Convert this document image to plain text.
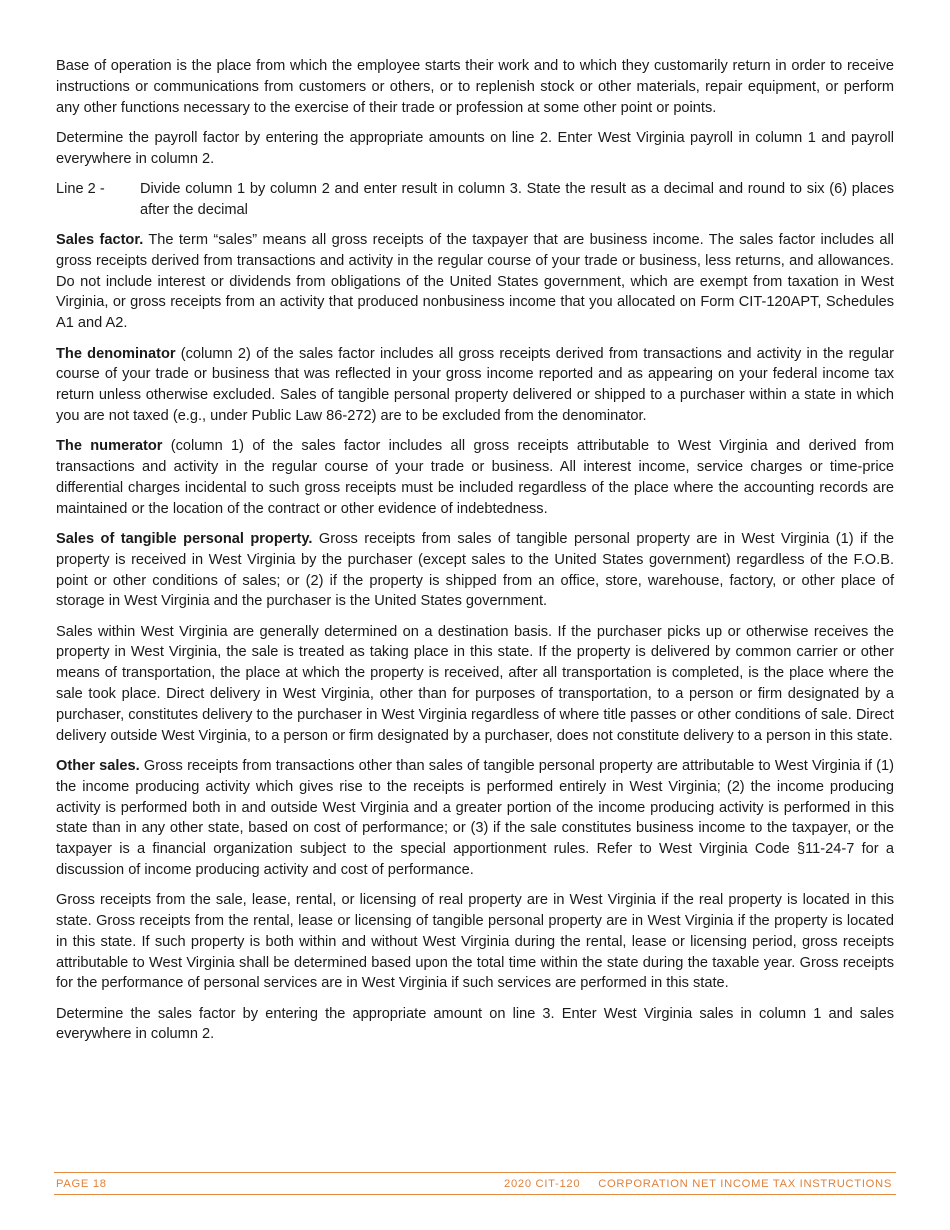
Base of operation is the place from which the employee starts their work and to which they customarily return in order to receive instructions or communications from customers or others, or to replenish stock or other materials, repair equipment, or perform any other functions necessary to the exercise of their trade or profession at some other point or points.

Determine the payroll factor by entering the appropriate amounts on line 2. Enter West Virginia payroll in column 1 and payroll everywhere in column 2.

Line 2 -	Divide column 1 by column 2 and enter result in column 3. State the result as a decimal and round to six (6) places after the decimal

Sales factor. The term “sales” means all gross receipts of the taxpayer that are business income. The sales factor includes all gross receipts derived from transactions and activity in the regular course of your trade or business, less returns, and allowances. Do not include interest or dividends from obligations of the United States government, which are exempt from taxation in West Virginia, or gross receipts from an activity that produced nonbusiness income that you allocated on Form CIT-120APT, Schedules A1 and A2.

The denominator (column 2) of the sales factor includes all gross receipts derived from transactions and activity in the regular course of your trade or business that was reflected in your gross income reported and as appearing on your federal income tax return unless otherwise excluded. Sales of tangible personal property delivered or shipped to a purchaser within a state in which you are not taxed (e.g., under Public Law 86-272) are to be excluded from the denominator.

The numerator (column 1) of the sales factor includes all gross receipts attributable to West Virginia and derived from transactions and activity in the regular course of your trade or business. All interest income, service charges or time-price differential charges incidental to such gross receipts must be included regardless of the place where the accounting records are maintained or the location of the contract or other evidence of indebtedness.

Sales of tangible personal property. Gross receipts from sales of tangible personal property are in West Virginia (1) if the property is received in West Virginia by the purchaser (except sales to the United States government) regardless of the F.O.B. point or other conditions of sales; or (2) if the property is shipped from an office, store, warehouse, factory, or other place of storage in West Virginia and the purchaser is the United States government.

Sales within West Virginia are generally determined on a destination basis. If the purchaser picks up or otherwise receives the property in West Virginia, the sale is treated as taking place in this state. If the property is delivered by common carrier or other means of transportation, the place at which the property is received, after all transportation is completed, is the place where the sale took place. Direct delivery in West Virginia, other than for purposes of transportation, to a person or firm designated by a purchaser, constitutes delivery to the purchaser in West Virginia regardless of where title passes or other conditions of sale. Direct delivery outside West Virginia, to a person or firm designated by a purchaser, does not constitute delivery to a person in this state.

Other sales. Gross receipts from transactions other than sales of tangible personal property are attributable to West Virginia if (1) the income producing activity which gives rise to the receipts is performed entirely in West Virginia; (2) the income producing activity is performed both in and outside West Virginia and a greater portion of the income producing activity is performed in this state than in any other state, based on cost of performance; or (3) if the sale constitutes business income to the taxpayer, or the taxpayer is a financial organization subject to the special apportionment rules. Refer to West Virginia Code §11-24-7 for a discussion of income producing activity and cost of performance.

Gross receipts from the sale, lease, rental, or licensing of real property are in West Virginia if the real property is located in this state. Gross receipts from the rental, lease or licensing of tangible personal property are in West Virginia if the property is located in this state. If such property is both within and without West Virginia during the rental, lease or licensing period, gross receipts attributable to West Virginia shall be determined based upon the total time within the state during the taxable year. Gross receipts for the performance of personal services are in West Virginia if such services are performed in this state.

Determine the sales factor by entering the appropriate amount on line 3. Enter West Virginia sales in column 1 and sales everywhere in column 2.

PAGE 18	2020 CIT-120 CORPORATION NET INCOME TAX INSTRUCTIONS
